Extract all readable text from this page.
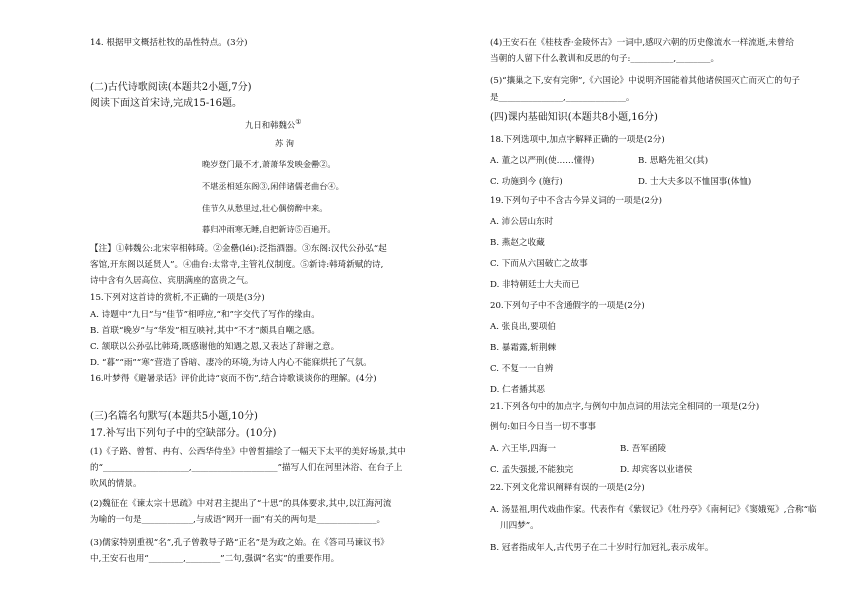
14. 根据甲文概括杜牧的品性特点。(3分)
(二)古代诗歌阅读(本题共2小题,7分)
阅读下面这首宋诗,完成15-16题。
九日和韩魏公①
苏 洵
晚岁登门最不才,萧萧华发映金罍②。
不堪丞相延东阁③,闲伴诸儒老曲台④。
佳节久从愁里过,壮心偶傍醉中来。
暮归冲雨寒无睡,自把新诗⑤百遍开。
【注】①韩魏公:北宋宰相韩琦。②金罍(léi):泛指酒器。③东阁:汉代公孙弘“起
客馆,开东阁以延贤人”。④曲台:太常寺,主管礼仪制度。⑤新诗:韩琦新赋的诗,
诗中含有久居高位、宾朋满座的富贵之气。
15.下列对这首诗的赏析,不正确的一项是(3分)
A. 诗题中“九日”与“佳节”相呼应,“和”字交代了写作的缘由。
B. 首联“晚岁”与“华发”相互映衬,其中“不才”颇具自嘲之感。
C. 颔联以公孙弘比韩琦,既感谢他的知遇之恩,又表达了辞谢之意。
D. “暮”“雨”“寒”营造了昏暗、凄冷的环境,为诗人内心不能寐烘托了气氛。
16.叶梦得《避暑录话》评价此诗“哀而不伤”,结合诗歌谈谈你的理解。(4分)
(三)名篇名句默写(本题共5小题,10分)
17.补写出下列句子中的空缺部分。(10分)
(1)《子路、曾皙、冉有、公西华侍坐》中曾皙描绘了一幅天下太平的美好场景,其中
的“____________________,____________________”描写人们在河里沐浴、在台子上
吹风的情景。
(2)魏征在《谏太宗十思疏》中对君主提出了“十思”的具体要求,其中,以江海河流
为喻的一句是____________,与成语“网开一面”有关的两句是______________。
(3)儒家特别重视“名”,孔子曾教导子路“正名”是为政之始。在《答司马谏议书》
中,王安石也用“________,________”二句,强调“名实”的重要作用。
(4)王安石在《桂枝香·金陵怀古》一词中,感叹六朝的历史像流水一样流逝,未曾给
当朝的人留下什么教训和反思的句子:__________,________。
(5)“攘巢之下,安有完卵”,《六国论》中说明齐国能着其他诸侯国灭亡而灭亡的句子
是_______________,______________。
(四)课内基础知识(本题共8小题,16分)
18.下列选项中,加点字解释正确的一项是(2分)
A. 董之以严刑(使……懂得)	B. 思略先祖父(其)
C. 功施到今 (施行)	D. 士大夫多以不恤国事(体恤)
19.下列句子中不含古今异义词的一项是(2分)
A. 沛公居山东时
B. 燕赵之收藏
C. 下而从六国破亡之故事
D. 非特朝廷士大夫而已
20.下列句子中不含通假字的一项是(2分)
A. 张良出,要项伯
B. 暴霜露,斩荆棘
C. 不复一一自辨
D. 仁者播其恶
21.下列各句中的加点字,与例句中加点词的用法完全相同的一项是(2分)
例句:如曰今日当一切不事事
A. 六王毕,四海一	B. 吾军函陵
C. 孟失强援,不能独完	D. 却宾客以业诸侯
22.下列文化常识阐释有误的一项是(2分)
A. 汤显祖,明代戏曲作家。代表作有《紫钗记》《牡丹亭》《南柯记》《窦娥冤》,合称“临
川四梦”。
B. 冠者指成年人,古代男子在二十岁时行加冠礼,表示成年。
